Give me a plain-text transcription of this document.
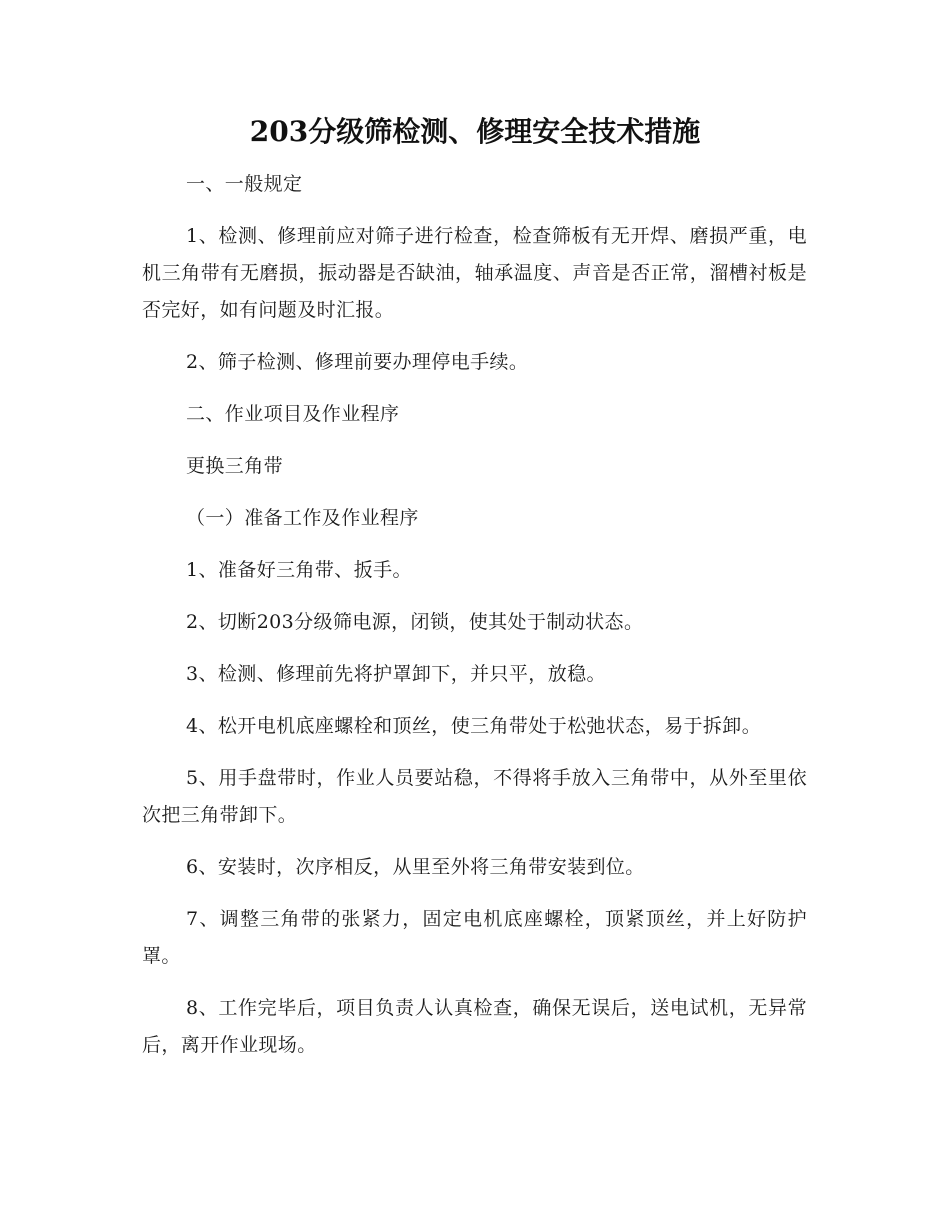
203分级筛检测、修理安全技术措施

一、一般规定

1、检测、修理前应对筛子进行检查，检查筛板有无开焊、磨损严重，电机三角带有无磨损，振动器是否缺油，轴承温度、声音是否正常，溜槽衬板是否完好，如有问题及时汇报。

2、筛子检测、修理前要办理停电手续。

二、作业项目及作业程序

更换三角带

（一）准备工作及作业程序

1、准备好三角带、扳手。

2、切断203分级筛电源，闭锁，使其处于制动状态。

3、检测、修理前先将护罩卸下，并只平，放稳。

4、松开电机底座螺栓和顶丝，使三角带处于松弛状态，易于拆卸。

5、用手盘带时，作业人员要站稳，不得将手放入三角带中，从外至里依次把三角带卸下。

6、安装时，次序相反，从里至外将三角带安装到位。

7、调整三角带的张紧力，固定电机底座螺栓，顶紧顶丝，并上好防护罩。

8、工作完毕后，项目负责人认真检查，确保无误后，送电试机，无异常后，离开作业现场。
